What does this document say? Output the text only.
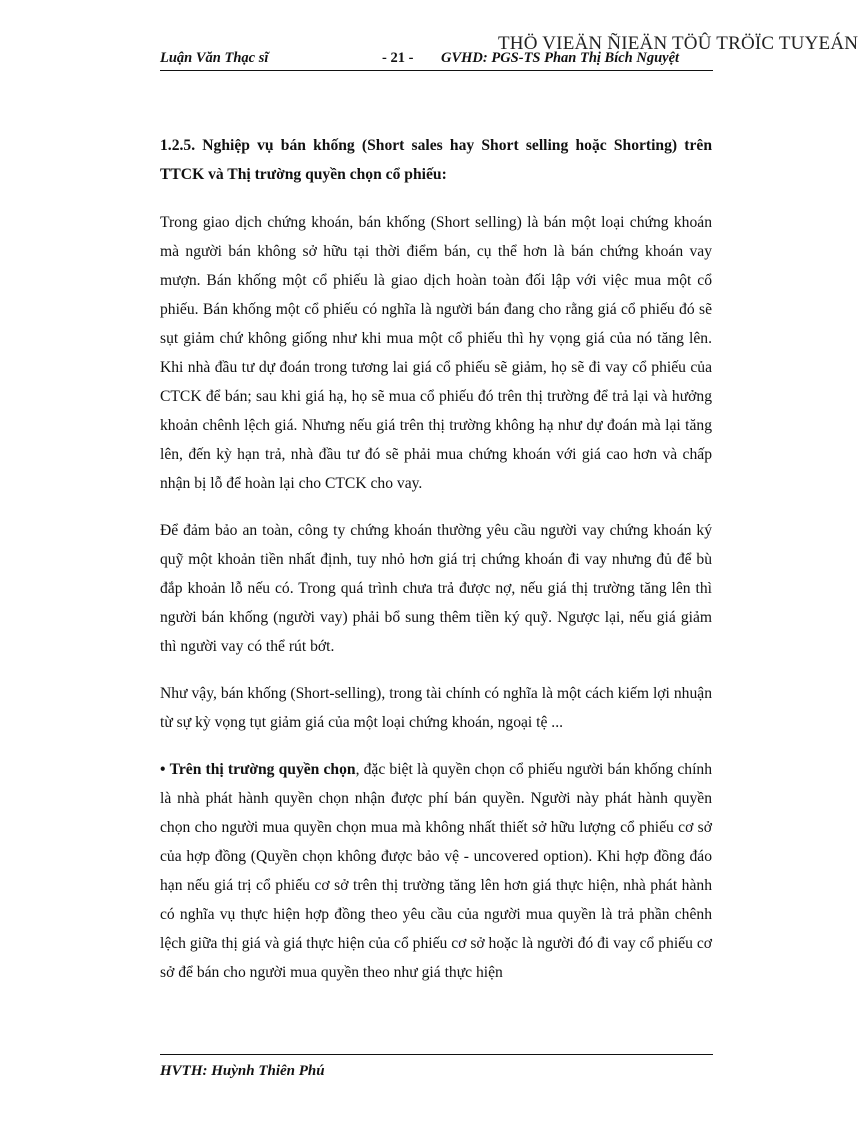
THÖ VIEÄN ÑIEÄN TÖÛ TRÖÏC TUYEÁN
Luận Văn Thạc sĩ	- 21 - GVHD: PGS-TS Phan Thị Bích Nguyệt
1.2.5. Nghiệp vụ bán khống (Short sales hay Short selling hoặc Shorting) trên TTCK và Thị trường quyền chọn cổ phiếu:

Trong giao dịch chứng khoán, bán khống (Short selling) là bán một loại chứng khoán mà người bán không sở hữu tại thời điểm bán, cụ thể hơn là bán chứng khoán vay mượn. Bán khống một cổ phiếu là giao dịch hoàn toàn đối lập với việc mua một cổ phiếu. Bán khống một cổ phiếu có nghĩa là người bán đang cho rằng giá cổ phiếu đó sẽ sụt giảm chứ không giống như khi mua một cổ phiếu thì hy vọng giá của nó tăng lên. Khi nhà đầu tư dự đoán trong tương lai giá cổ phiếu sẽ giảm, họ sẽ đi vay cổ phiếu của CTCK để bán; sau khi giá hạ, họ sẽ mua cổ phiếu đó trên thị trường để trả lại và hưởng khoản chênh lệch giá. Nhưng nếu giá trên thị trường không hạ như dự đoán mà lại tăng lên, đến kỳ hạn trả, nhà đầu tư đó sẽ phải mua chứng khoán với giá cao hơn và chấp nhận bị lỗ để hoàn lại cho CTCK cho vay.

Để đảm bảo an toàn, công ty chứng khoán thường yêu cầu người vay chứng khoán ký quỹ một khoản tiền nhất định, tuy nhỏ hơn giá trị chứng khoán đi vay nhưng đủ để bù đắp khoản lỗ nếu có. Trong quá trình chưa trả được nợ, nếu giá thị trường tăng lên thì người bán khống (người vay) phải bổ sung thêm tiền ký quỹ. Ngược lại, nếu giá giảm thì người vay có thể rút bớt.

Như vậy, bán khống (Short-selling), trong tài chính có nghĩa là một cách kiếm lợi nhuận từ sự kỳ vọng tụt giảm giá của một loại chứng khoán, ngoại tệ ...

• Trên thị trường quyền chọn, đặc biệt là quyền chọn cổ phiếu người bán khống chính là nhà phát hành quyền chọn nhận được phí bán quyền. Người này phát hành quyền chọn cho người mua quyền chọn mua mà không nhất thiết sở hữu lượng cổ phiếu cơ sở của hợp đồng (Quyền chọn không được bảo vệ - uncovered option). Khi hợp đồng đáo hạn nếu giá trị cổ phiếu cơ sở trên thị trường tăng lên hơn giá thực hiện, nhà phát hành có nghĩa vụ thực hiện hợp đồng theo yêu cầu của người mua quyền là trả phần chênh lệch giữa thị giá và giá thực hiện của cổ phiếu cơ sở hoặc là người đó đi vay cổ phiếu cơ sở để bán cho người mua quyền theo như giá thực hiện

HVTH: Huỳnh Thiên Phú
